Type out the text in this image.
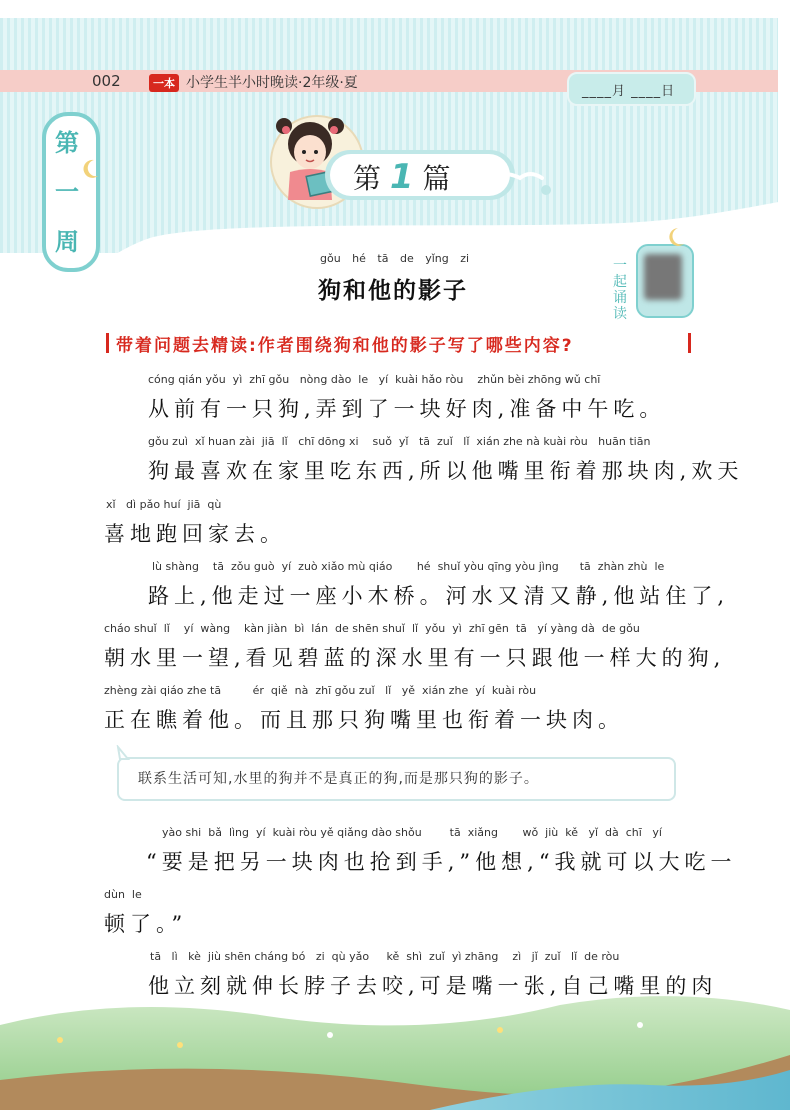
002	一本 小学生半小时晚读·2年级·夏
____月 ____日
第
一
周
第 1 篇
gǒu hé tā de yǐng zi
狗和他的影子
一起诵读
带着问题去精读:作者围绕狗和他的影子写了哪些内容?
cóng qián yǒu  yì  zhī gǒu   nòng dào  le   yí  kuài hǎo ròu    zhǔn bèi zhōng wǔ chī
从前有一只狗,弄到了一块好肉,准备中午吃。
gǒu zuì  xǐ huan zài  jiā  lǐ   chī dōng xi    suǒ  yǐ   tā  zuǐ   lǐ  xián zhe nà kuài ròu   huān tiān
狗最喜欢在家里吃东西,所以他嘴里衔着那块肉,欢天
xǐ   dì pǎo huí  jiā  qù
喜地跑回家去。
lù shàng    tā  zǒu guò  yí  zuò xiǎo mù qiáo       hé  shuǐ yòu qīng yòu jìng      tā  zhàn zhù  le
路上,他走过一座小木桥。河水又清又静,他站住了,
cháo shuǐ  lǐ    yí  wàng    kàn jiàn  bì  lán  de shēn shuǐ  lǐ  yǒu  yì  zhī gēn  tā   yí yàng dà  de gǒu
朝水里一望,看见碧蓝的深水里有一只跟他一样大的狗,
zhèng zài qiáo zhe tā         ér  qiě  nà  zhī gǒu zuǐ   lǐ   yě  xián zhe  yí  kuài ròu
正在瞧着他。而且那只狗嘴里也衔着一块肉。
联系生活可知,水里的狗并不是真正的狗,而是那只狗的影子。
yào shi  bǎ  lìng  yí  kuài ròu yě qiǎng dào shǒu        tā  xiǎng       wǒ  jiù  kě   yǐ  dà  chī   yí
“要是把另一块肉也抢到手,”他想,“我就可以大吃一
dùn  le
顿了。”
tā   lì   kè  jiù shēn cháng bó   zi  qù yǎo     kě  shì  zuǐ  yì zhāng    zì   jǐ  zuǐ   lǐ  de ròu
他立刻就伸长脖子去咬,可是嘴一张,自己嘴里的肉
